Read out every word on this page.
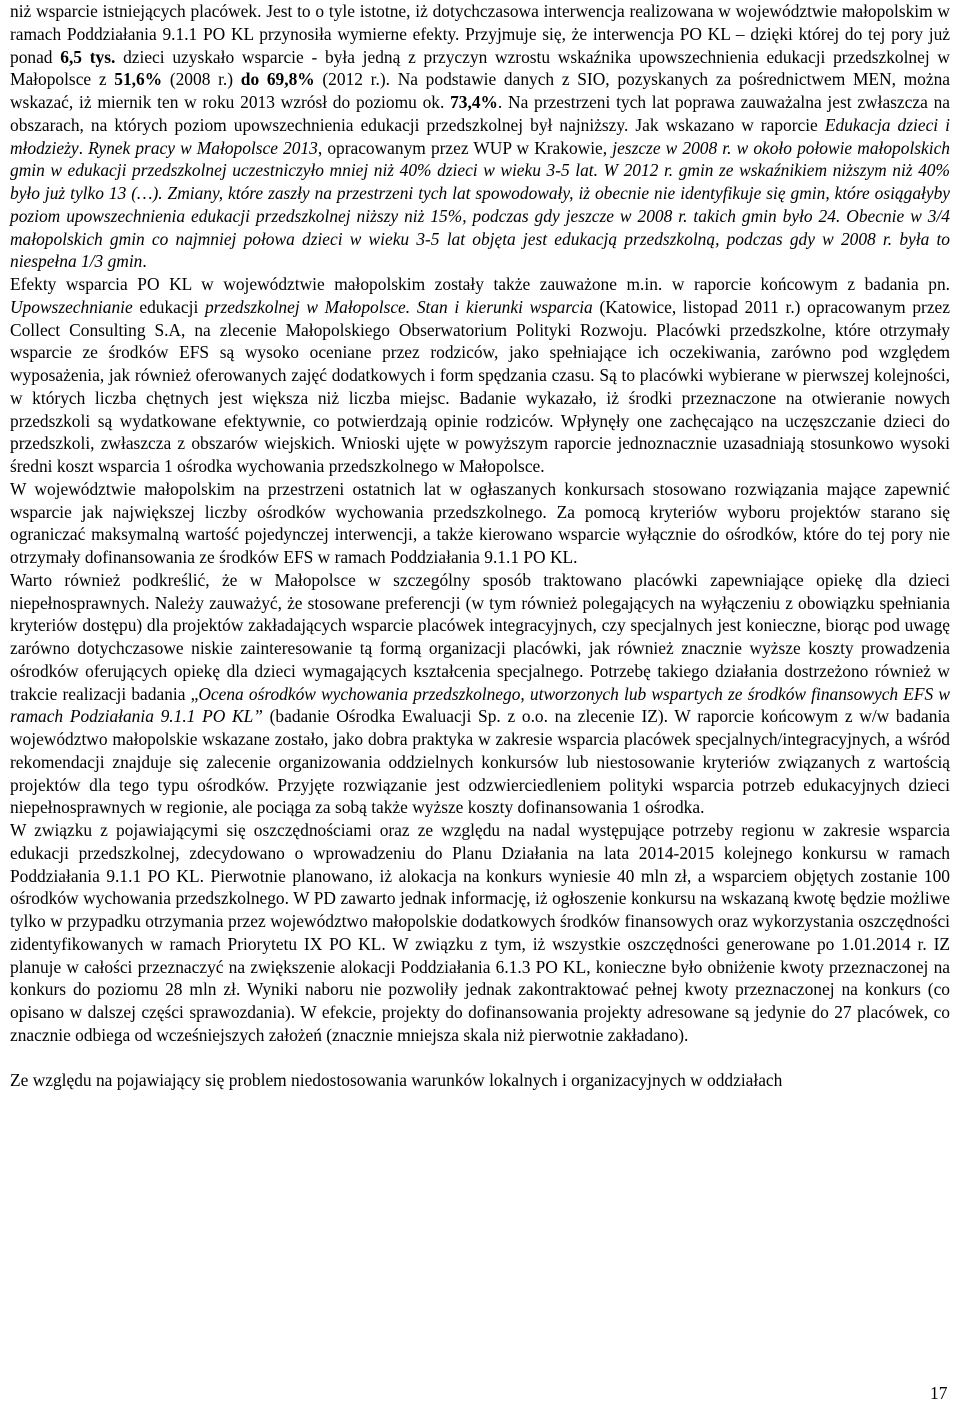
niż wsparcie istniejących placówek. Jest to o tyle istotne, iż dotychczasowa interwencja realizowana w województwie małopolskim w ramach Poddziałania 9.1.1 PO KL przynosiła wymierne efekty. Przyjmuje się, że interwencja PO KL – dzięki której do tej pory już ponad 6,5 tys. dzieci uzyskało wsparcie - była jedną z przyczyn wzrostu wskaźnika upowszechnienia edukacji przedszkolnej w Małopolsce z 51,6% (2008 r.) do 69,8% (2012 r.). Na podstawie danych z SIO, pozyskanych za pośrednictwem MEN, można wskazać, iż miernik ten w roku 2013 wzrósł do poziomu ok. 73,4%. Na przestrzeni tych lat poprawa zauważalna jest zwłaszcza na obszarach, na których poziom upowszechnienia edukacji przedszkolnej był najniższy. Jak wskazano w raporcie Edukacja dzieci i młodzieży. Rynek pracy w Małopolsce 2013, opracowanym przez WUP w Krakowie, jeszcze w 2008 r. w około połowie małopolskich gmin w edukacji przedszkolnej uczestniczyło mniej niż 40% dzieci w wieku 3-5 lat. W 2012 r. gmin ze wskaźnikiem niższym niż 40% było już tylko 13 (…). Zmiany, które zaszły na przestrzeni tych lat spowodowały, iż obecnie nie identyfikuje się gmin, które osiągałyby poziom upowszechnienia edukacji przedszkolnej niższy niż 15%, podczas gdy jeszcze w 2008 r. takich gmin było 24. Obecnie w 3/4 małopolskich gmin co najmniej połowa dzieci w wieku 3-5 lat objęta jest edukacją przedszkolną, podczas gdy w 2008 r. była to niespełna 1/3 gmin.

Efekty wsparcia PO KL w województwie małopolskim zostały także zauważone m.in. w raporcie końcowym z badania pn. Upowszechnianie edukacji przedszkolnej w Małopolsce. Stan i kierunki wsparcia (Katowice, listopad 2011 r.) opracowanym przez Collect Consulting S.A, na zlecenie Małopolskiego Obserwatorium Polityki Rozwoju. Placówki przedszkolne, które otrzymały wsparcie ze środków EFS są wysoko oceniane przez rodziców, jako spełniające ich oczekiwania, zarówno pod względem wyposażenia, jak również oferowanych zajęć dodatkowych i form spędzania czasu. Są to placówki wybierane w pierwszej kolejności, w których liczba chętnych jest większa niż liczba miejsc. Badanie wykazało, iż środki przeznaczone na otwieranie nowych przedszkoli są wydatkowane efektywnie, co potwierdzają opinie rodziców. Wpłynęły one zachęcająco na uczęszczanie dzieci do przedszkoli, zwłaszcza z obszarów wiejskich. Wnioski ujęte w powyższym raporcie jednoznacznie uzasadniają stosunkowo wysoki średni koszt wsparcia 1 ośrodka wychowania przedszkolnego w Małopolsce.

W województwie małopolskim na przestrzeni ostatnich lat w ogłaszanych konkursach stosowano rozwiązania mające zapewnić wsparcie jak największej liczby ośrodków wychowania przedszkolnego. Za pomocą kryteriów wyboru projektów starano się ograniczać maksymalną wartość pojedynczej interwencji, a także kierowano wsparcie wyłącznie do ośrodków, które do tej pory nie otrzymały dofinansowania ze środków EFS w ramach Poddziałania 9.1.1 PO KL.

Warto również podkreślić, że w Małopolsce w szczególny sposób traktowano placówki zapewniające opiekę dla dzieci niepełnosprawnych. Należy zauważyć, że stosowane preferencji (w tym również polegających na wyłączeniu z obowiązku spełniania kryteriów dostępu) dla projektów zakładających wsparcie placówek integracyjnych, czy specjalnych jest konieczne, biorąc pod uwagę zarówno dotychczasowe niskie zainteresowanie tą formą organizacji placówki, jak również znacznie wyższe koszty prowadzenia ośrodków oferujących opiekę dla dzieci wymagających kształcenia specjalnego. Potrzebę takiego działania dostrzeżono również w trakcie realizacji badania „Ocena ośrodków wychowania przedszkolnego, utworzonych lub wspartych ze środków finansowych EFS w ramach Podziałania 9.1.1 PO KL” (badanie Ośrodka Ewaluacji Sp. z o.o. na zlecenie IZ). W raporcie końcowym z w/w badania województwo małopolskie wskazane zostało, jako dobra praktyka w zakresie wsparcia placówek specjalnych/integracyjnych, a wśród rekomendacji znajduje się zalecenie organizowania oddzielnych konkursów lub niestosowanie kryteriów związanych z wartością projektów dla tego typu ośrodków. Przyjęte rozwiązanie jest odzwierciedleniem polityki wsparcia potrzeb edukacyjnych dzieci niepełnosprawnych w regionie, ale pociąga za sobą także wyższe koszty dofinansowania 1 ośrodka.

W związku z pojawiającymi się oszczędnościami oraz ze względu na nadal występujące potrzeby regionu w zakresie wsparcia edukacji przedszkolnej, zdecydowano o wprowadzeniu do Planu Działania na lata 2014-2015 kolejnego konkursu w ramach Poddziałania 9.1.1 PO KL. Pierwotnie planowano, iż alokacja na konkurs wyniesie 40 mln zł, a wsparciem objętych zostanie 100 ośrodków wychowania przedszkolnego. W PD zawarto jednak informację, iż ogłoszenie konkursu na wskazaną kwotę będzie możliwe tylko w przypadku otrzymania przez województwo małopolskie dodatkowych środków finansowych oraz wykorzystania oszczędności zidentyfikowanych w ramach Priorytetu IX PO KL. W związku z tym, iż wszystkie oszczędności generowane po 1.01.2014 r. IZ planuje w całości przeznaczyć na zwiększenie alokacji Poddziałania 6.1.3 PO KL, konieczne było obniżenie kwoty przeznaczonej na konkurs do poziomu 28 mln zł. Wyniki naboru nie pozwoliły jednak zakontraktować pełnej kwoty przeznaczonej na konkurs (co opisano w dalszej części sprawozdania). W efekcie, projekty do dofinansowania projekty adresowane są jedynie do 27 placówek, co znacznie odbiega od wcześniejszych założeń (znacznie mniejsza skala niż pierwotnie zakładano).

Ze względu na pojawiający się problem niedostosowania warunków lokalnych i organizacyjnych w oddziałach

17
